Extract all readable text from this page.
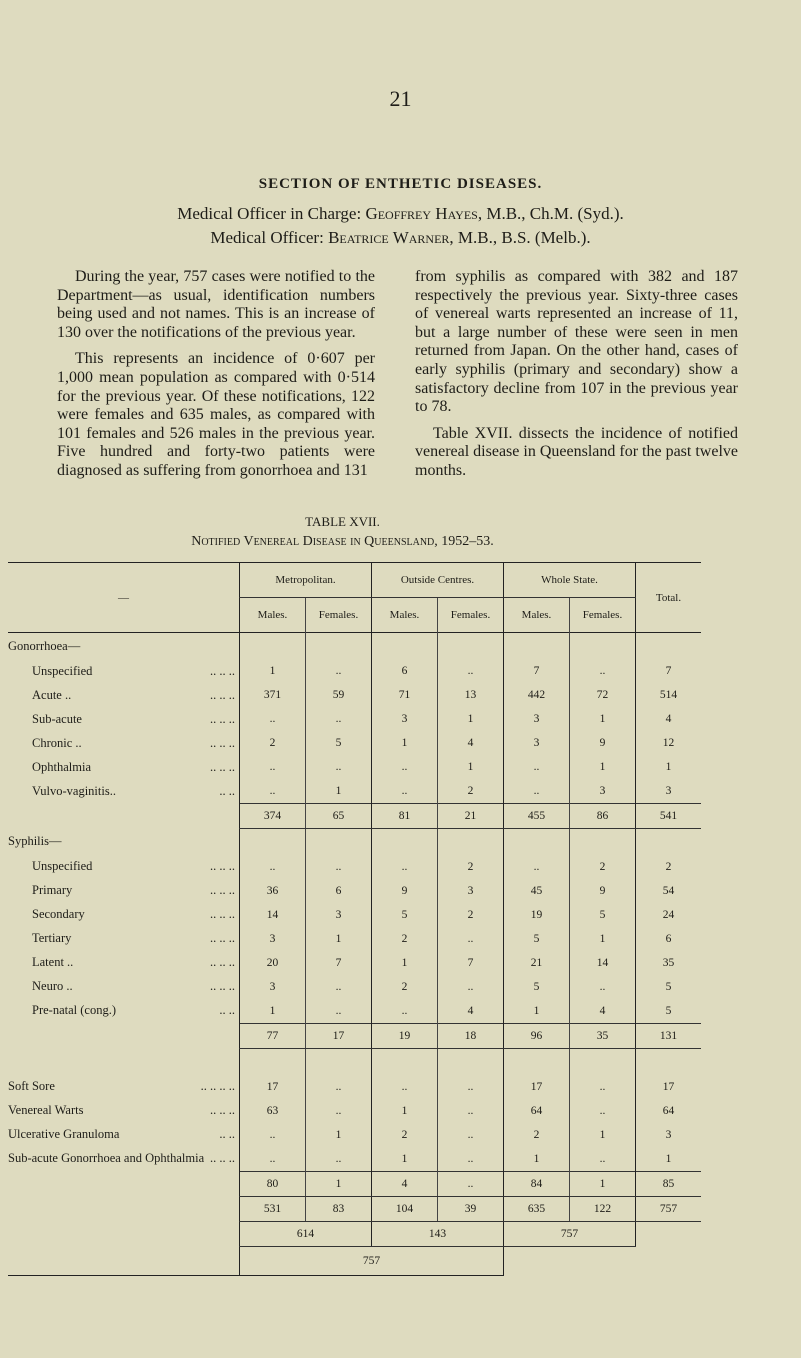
21
SECTION OF ENTHETIC DISEASES.
Medical Officer in Charge: Geoffrey Hayes, M.B., Ch.M. (Syd.).
Medical Officer: Beatrice Warner, M.B., B.S. (Melb.).

During the year, 757 cases were notified to the Department—as usual, identification numbers being used and not names. This is an increase of 130 over the notifications of the previous year.

This represents an incidence of 0·607 per 1,000 mean population as compared with 0·514 for the previous year. Of these notifications, 122 were females and 635 males, as compared with 101 females and 526 males in the previous year. Five hundred and forty-two patients were diagnosed as suffering from gonorrhoea and 131

from syphilis as compared with 382 and 187 respectively the previous year. Sixty-three cases of venereal warts represented an increase of 11, but a large number of these were seen in men returned from Japan. On the other hand, cases of early syphilis (primary and secondary) show a satisfactory decline from 107 in the previous year to 78.

Table XVII. dissects the incidence of notified venereal disease in Queensland for the past twelve months.

TABLE XVII.
Notified Venereal Disease in Queensland, 1952–53.
—	Metropolitan.		Outside Centres.		Whole State.		Total.
	Males.	Females.	Males.	Females.	Males.	Females.	
Gonorrhoea—							
Unspecified .. .. ..	1	..	6	..	7	..	7
Acute .. .. .. ..	371	59	71	13	442	72	514
Sub-acute .. .. ..	..	..	3	1	3	1	4
Chronic .. .. .. ..	2	5	1	4	3	9	12
Ophthalmia .. .. ..	..	..	..	1	..	1	1
Vulvo-vaginitis.. .. ..	..	1	..	2	..	3	3
	374	65	81	21	455	86	541
Syphilis—							
Unspecified .. .. ..	..	..	..	2	..	2	2
Primary .. .. ..	36	6	9	3	45	9	54
Secondary .. .. ..	14	3	5	2	19	5	24
Tertiary .. .. ..	3	1	2	..	5	1	6
Latent .. .. .. ..	20	7	1	7	21	14	35
Neuro .. .. .. ..	3	..	2	..	5	..	5
Pre-natal (cong.) .. ..	1	..	..	4	1	4	5
	77	17	19	18	96	35	131

Soft Sore .. .. .. ..	17	..	..	..	17	..	17
Venereal Warts .. .. ..	63	..	1	..	64	..	64
Ulcerative Granuloma .. ..	..	1	2	..	2	1	3
Sub-acute Gonorrhoea and Ophthalmia .. .. ..	..	..	1	..	1	..	1
	80	1	4	..	84	1	85
	531	83	104	39	635	122	757
	614		143		757		
	757						
